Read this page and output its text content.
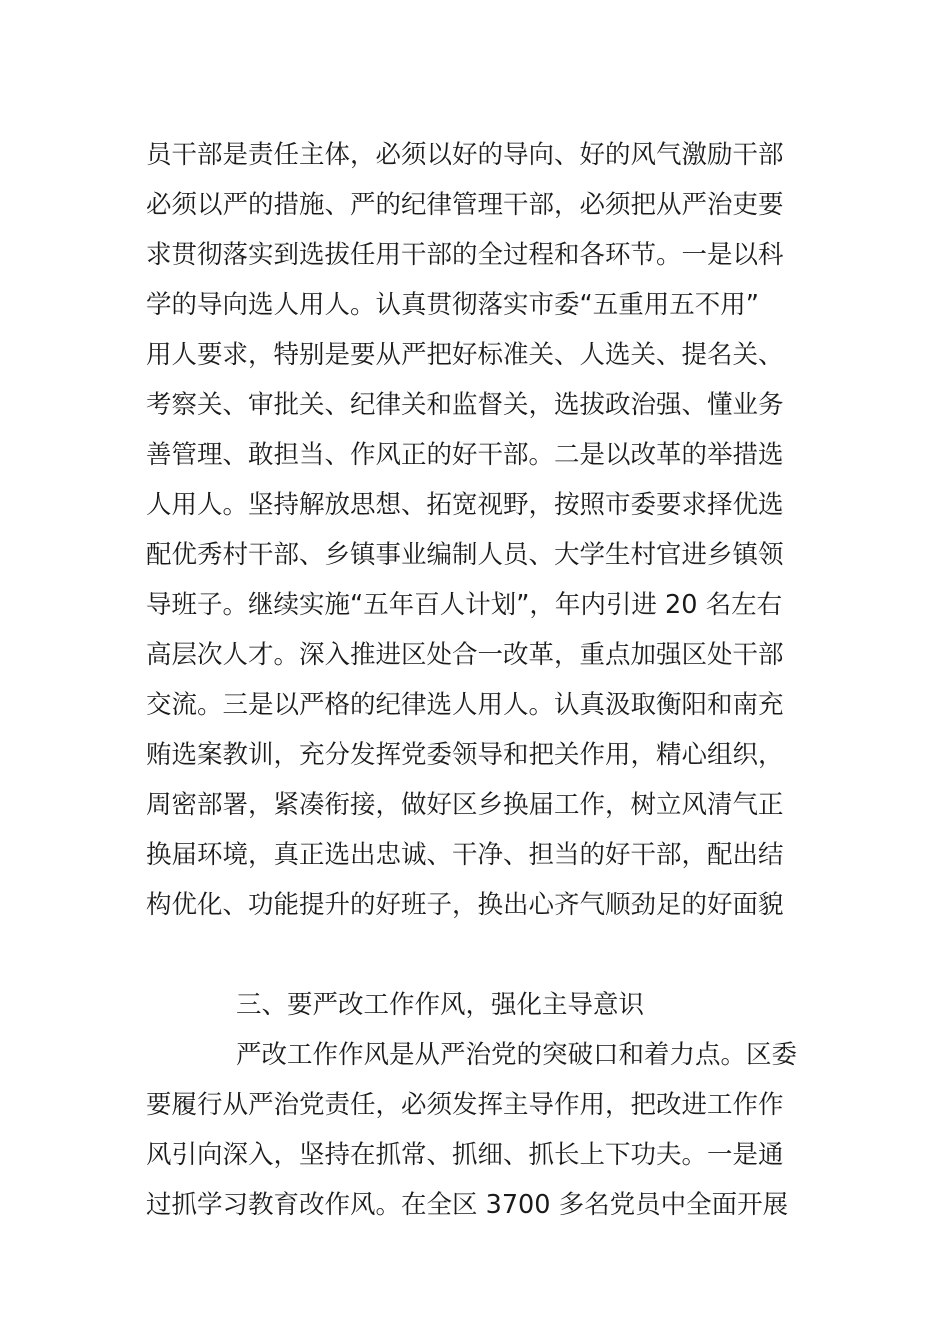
员干部是责任主体，必须以好的导向、好的风气激励干部
必须以严的措施、严的纪律管理干部，必须把从严治吏要
求贯彻落实到选拔任用干部的全过程和各环节。一是以科
学的导向选人用人。认真贯彻落实市委“五重用五不用”
用人要求，特别是要从严把好标准关、人选关、提名关、
考察关、审批关、纪律关和监督关，选拔政治强、懂业务
善管理、敢担当、作风正的好干部。二是以改革的举措选
人用人。坚持解放思想、拓宽视野，按照市委要求择优选
配优秀村干部、乡镇事业编制人员、大学生村官进乡镇领
导班子。继续实施“五年百人计划”，年内引进 20 名左右
高层次人才。深入推进区处合一改革，重点加强区处干部
交流。三是以严格的纪律选人用人。认真汲取衡阳和南充
贿选案教训，充分发挥党委领导和把关作用，精心组织，
周密部署，紧凑衔接，做好区乡换届工作，树立风清气正
换届环境，真正选出忠诚、干净、担当的好干部，配出结
构优化、功能提升的好班子，换出心齐气顺劲足的好面貌
三、要严改工作作风，强化主导意识
严改工作作风是从严治党的突破口和着力点。区委
要履行从严治党责任，必须发挥主导作用，把改进工作作
风引向深入，坚持在抓常、抓细、抓长上下功夫。一是通
过抓学习教育改作风。在全区 3700 多名党员中全面开展
